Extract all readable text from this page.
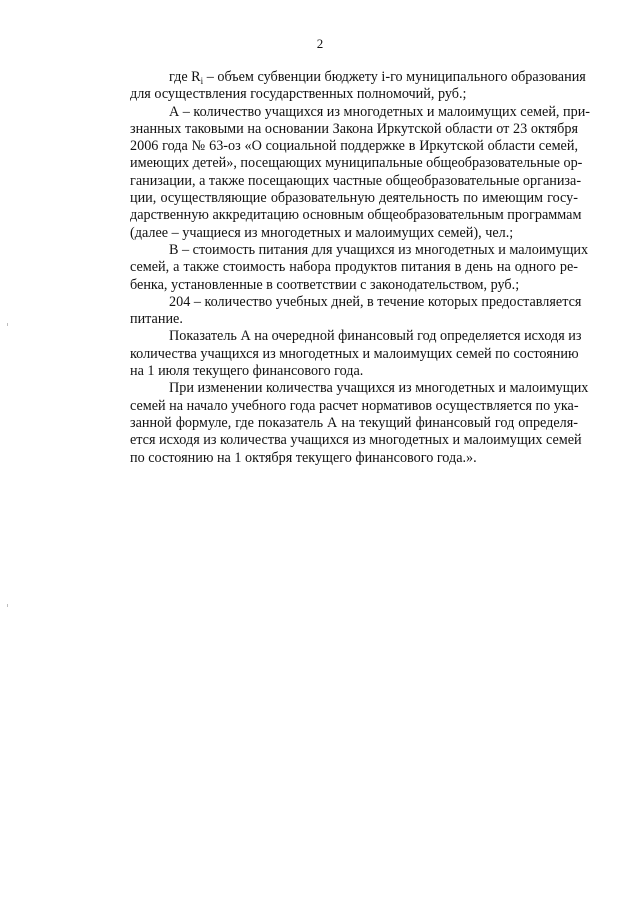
2
где $R_i$ – объем субвенции бюджету i-го муниципального образования
для осуществления государственных полномочий, руб.;
А – количество учащихся из многодетных и малоимущих семей, при-
знанных таковыми на основании Закона Иркутской области от 23 октября
2006 года № 63-оз «О социальной поддержке в Иркутской области семей,
имеющих детей», посещающих муниципальные общеобразовательные ор-
ганизации, а также посещающих частные общеобразовательные организа-
ции, осуществляющие образовательную деятельность по имеющим госу-
дарственную аккредитацию основным общеобразовательным программам
(далее – учащиеся из многодетных и малоимущих семей), чел.;
В – стоимость питания для учащихся из многодетных и малоимущих
семей, а также стоимость набора продуктов питания в день на одного ре-
бенка, установленные в соответствии с законодательством, руб.;
204 – количество учебных дней, в течение которых предоставляется
питание.
Показатель А на очередной финансовый год определяется исходя из
количества учащихся из многодетных и малоимущих семей по состоянию
на 1 июля текущего финансового года.
При изменении количества учащихся из многодетных и малоимущих
семей на начало учебного года расчет нормативов осуществляется по ука-
занной формуле, где показатель А на текущий финансовый год определя-
ется исходя из количества учащихся из многодетных и малоимущих семей
по состоянию на 1 октября текущего финансового года.».
